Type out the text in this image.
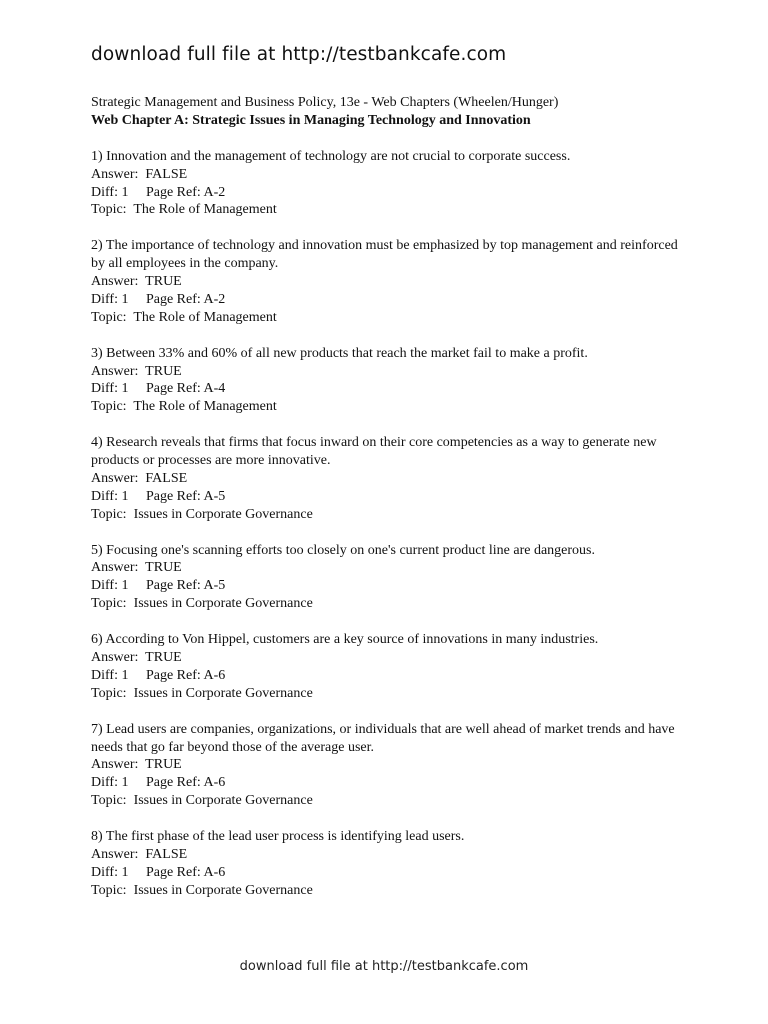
download full file at http://testbankcafe.com

Strategic Management and Business Policy, 13e - Web Chapters (Wheelen/Hunger)

Web Chapter A: Strategic Issues in Managing Technology and Innovation

1) Innovation and the management of technology are not crucial to corporate success.

Answer:  FALSE

Diff: 1     Page Ref: A-2

Topic:  The Role of Management

2) The importance of technology and innovation must be emphasized by top management and reinforced by all employees in the company.

Answer:  TRUE

Diff: 1     Page Ref: A-2

Topic:  The Role of Management

3) Between 33% and 60% of all new products that reach the market fail to make a profit.

Answer:  TRUE

Diff: 1     Page Ref: A-4

Topic:  The Role of Management

4) Research reveals that firms that focus inward on their core competencies as a way to generate new products or processes are more innovative.

Answer:  FALSE

Diff: 1     Page Ref: A-5

Topic:  Issues in Corporate Governance

5) Focusing one's scanning efforts too closely on one's current product line are dangerous.

Answer:  TRUE

Diff: 1     Page Ref: A-5

Topic:  Issues in Corporate Governance

6) According to Von Hippel, customers are a key source of innovations in many industries.

Answer:  TRUE

Diff: 1     Page Ref: A-6

Topic:  Issues in Corporate Governance

7) Lead users are companies, organizations, or individuals that are well ahead of market trends and have needs that go far beyond those of the average user.

Answer:  TRUE

Diff: 1     Page Ref: A-6

Topic:  Issues in Corporate Governance

8) The first phase of the lead user process is identifying lead users.

Answer:  FALSE

Diff: 1     Page Ref: A-6

Topic:  Issues in Corporate Governance

download full file at http://testbankcafe.com
